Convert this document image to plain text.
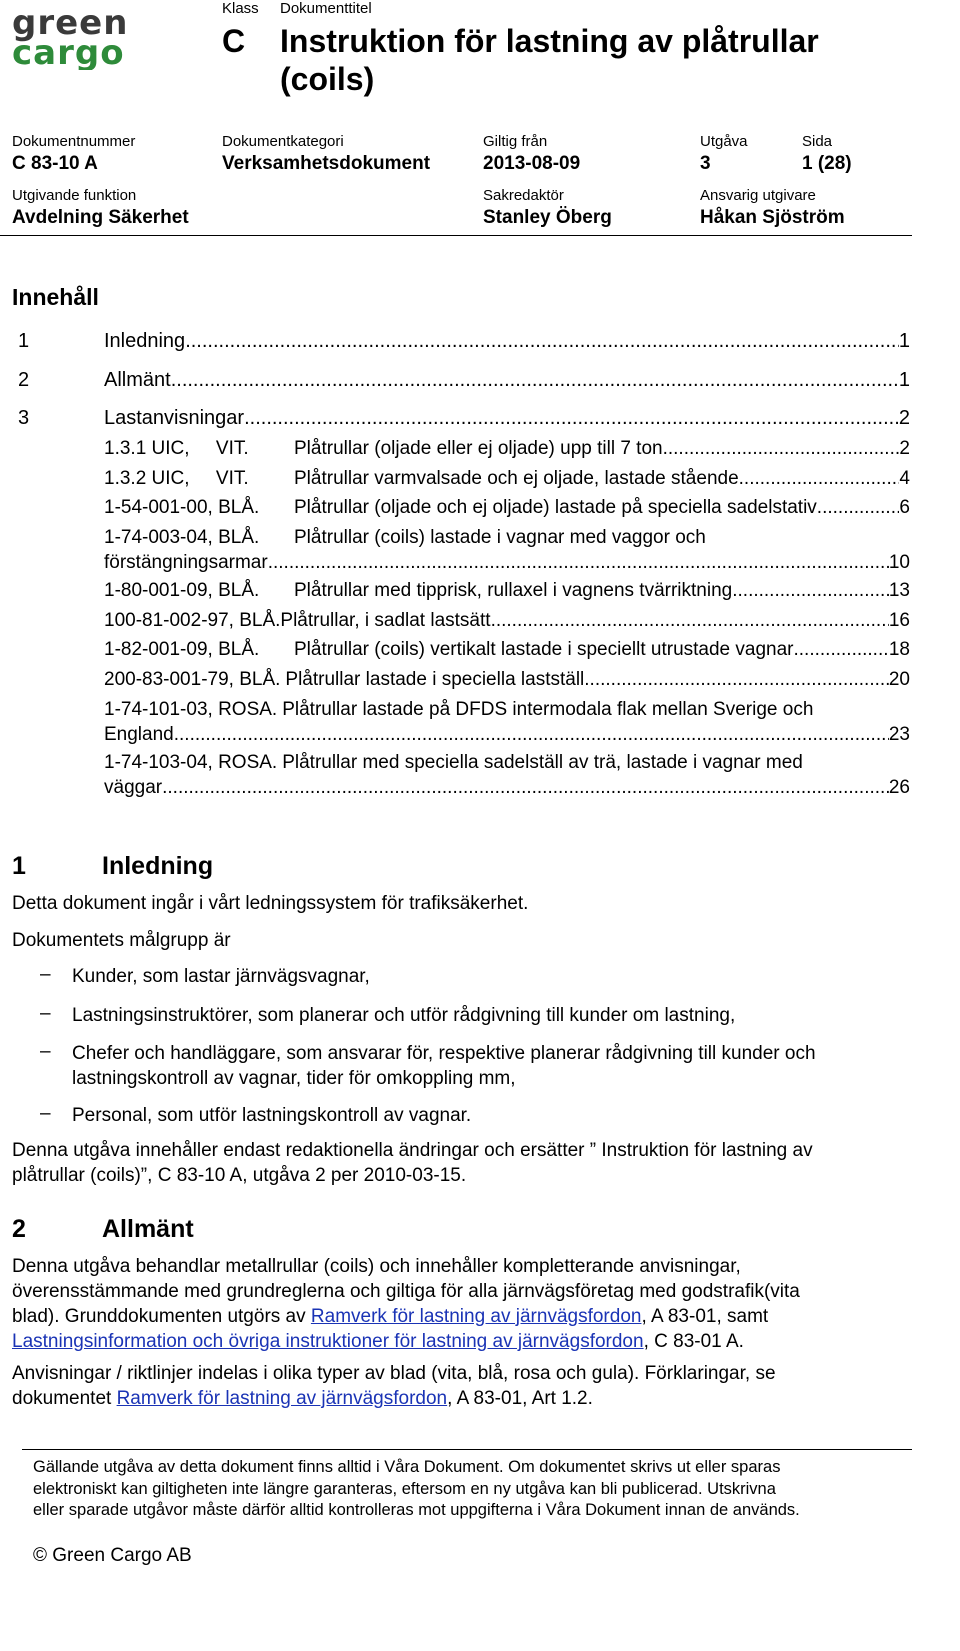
green
cargo
Klass Dokumenttitel
C Instruktion för lastning av plåtrullar
(coils)
Dokumentnummer
C 83-10 A
Dokumentkategori
Verksamhetsdokument
Giltig från
2013-08-09
Utgåva
3
Sida
1 (28)
Utgivande funktion
Avdelning Säkerhet
Sakredaktör
Stanley Öberg
Ansvarig utgivare
Håkan Sjöström
Innehåll
1	Inledning .....	1
2	Allmänt .....	1
3	Lastanvisningar .....	2
1.3.1 UIC,     VIT.	Plåtrullar (oljade eller ej oljade) upp till 7 ton .....	2
1.3.2 UIC,     VIT.	Plåtrullar varmvalsade och ej oljade, lastade stående .....	4
1-54-001-00, BLÅ.	Plåtrullar (oljade och ej oljade) lastade på speciella sadelstativ .....	6
1-74-003-04, BLÅ.	Plåtrullar (coils) lastade i vagnar med vaggor och
förstängningsarmar .....	10
1-80-001-09, BLÅ.	Plåtrullar med tipprisk, rullaxel i vagnens tvärriktning .....	13
100-81-002-97, BLÅ. Plåtrullar, i sadlat lastsätt .....	16
1-82-001-09, BLÅ.	Plåtrullar (coils) vertikalt lastade i speciellt utrustade vagnar .....	18
200-83-001-79, BLÅ. Plåtrullar lastade i speciella lastställ .....	20
1-74-101-03, ROSA. Plåtrullar lastade på DFDS intermodala flak mellan Sverige och
England .....	23
1-74-103-04, ROSA. Plåtrullar med speciella sadelställ av trä, lastade i vagnar med
väggar .....	26
1	Inledning
Detta dokument ingår i vårt ledningssystem för trafiksäkerhet.
Dokumentets målgrupp är
– Kunder, som lastar järnvägsvagnar,
– Lastningsinstruktörer, som planerar och utför rådgivning till kunder om lastning,
– Chefer och handläggare, som ansvarar för, respektive planerar rådgivning till kunder och
lastningskontroll av vagnar, tider för omkoppling mm,
– Personal, som utför lastningskontroll av vagnar.
Denna utgåva innehåller endast redaktionella ändringar och ersätter ” Instruktion för lastning av
plåtrullar (coils)”, C 83-10 A, utgåva 2 per 2010-03-15.
2	Allmänt
Denna utgåva behandlar metallrullar (coils) och innehåller kompletterande anvisningar,
överensstämmande med grundreglerna och giltiga för alla järnvägsföretag med godstrafik(vita
blad). Grunddokumenten utgörs av Ramverk för lastning av järnvägsfordon, A 83-01, samt
Lastningsinformation och övriga instruktioner för lastning av järnvägsfordon, C 83-01 A.
Anvisningar / riktlinjer indelas i olika typer av blad (vita, blå, rosa och gula). Förklaringar, se
dokumentet Ramverk för lastning av järnvägsfordon, A 83-01, Art 1.2.
Gällande utgåva av detta dokument finns alltid i Våra Dokument. Om dokumentet skrivs ut eller sparas
elektroniskt kan giltigheten inte längre garanteras, eftersom en ny utgåva kan bli publicerad. Utskrivna
eller sparade utgåvor måste därför alltid kontrolleras mot uppgifterna i Våra Dokument innan de används.
© Green Cargo AB
